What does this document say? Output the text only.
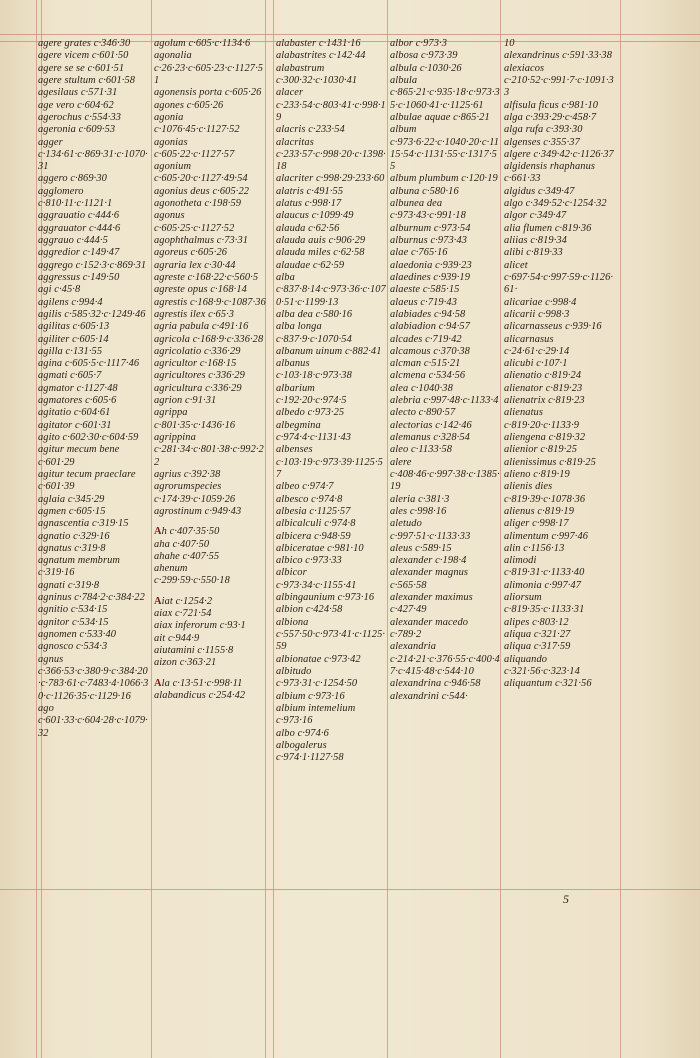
agere grates c·346·30
agere vicem c·601·50
agere se se c·601·51
agere stultum c·601·58
agesilaus c·571·31
age vero c·604·62
agerochus c·554·33
ageronia c·609·53
agger c·134·61·c·869·31·c·1070·31
aggero c·869·30
agglomero c·810·11·c·1121·1
aggrauatio c·444·6
aggrauator c·444·6
aggrauo c·444·5
aggredior c·149·47
aggrego c·152·3·c·869·31
aggressus c·149·50
agi c·45·8
agilens c·994·4
agilis c·585·32·c·1249·46
agilitas c·605·13
agiliter c·605·14
agilla c·131·55
agina c·605·5·c·1117·46
agmati c·605·7
agmator c·1127·48
agmatores c·605·6
agitatio c·604·61
agitator c·601·31
agito c·602·30·c·604·59
agitur mecum bene c·601·29
agitur tecum praeclare c·601·39
aglaia c·345·29
agmen c·605·15
agnascentia c·319·15
agnatio c·329·16
agnatus c·319·8
agnatum membrum c·319·16
agnati c·319·8
agninus c·784·2·c·384·22
agnitio c·534·15
agnitor c·534·15
agnomen c·533·40
agnosco c·534·3
agnus c·366·53·c·380·9·c·384·20·c·783·61·c·7483·4·1066·30·c·1126·35·c·1129·16
ago c·601·33·c·604·28·c·1079·32
agolum c·605·c·1134·6
agonalia c·26·23·c·605·23·c·1127·51
agonensis porta c·605·26
agones c·605·26
agonia c·1076·45·c·1127·52
agonias c·605·22·c·1127·57
agonium c·605·20·c·1127·49·54
agonius deus c·605·22
agonotheta c·198·59
agonus c·605·25·c·1127·52
agophthalmus c·73·31
agoreus c·605·26
agraria lex c·30·44
agreste c·168·22·c·560·5
agreste opus c·168·14
agrestis c·168·9·c·1087·36
agrestis ilex c·65·3
agria pabula c·491·16
agricola c·168·9·c·336·28
agricolatio c·336·29
agricultor c·168·15
agricultores c·336·29
agricultura c·336·29
agrion c·91·31
agrippa c·801·35·c·1436·16
agrippina c·281·34·c·801·38·c·992·22
agrius c·392·38
agrorumspecies c·174·39·c·1059·26
agrostinum c·949·43
Ah c·407·35·50
aha c·407·50
ahahe c·407·55
ahenum c·299·59·c·550·18
Aiat c·1254·2
aiax c·721·54
aiax inferorum c·93·1
ait c·944·9
aiutamini c·1155·8
aizon c·363·21
Ala c·13·51·c·998·11
alabandicus c·254·42
alabaster c·1431·16
alabastrites c·142·44
alabastrum c·300·32·c·1030·41
alacer c·233·54·c·803·41·c·998·19
alacris c·233·54
alacritas c·233·57·c·998·20·c·1398·18
alacriter c·998·29·233·60
alatris c·491·55
alatus c·998·17
alaucus c·1099·49
alauda c·62·56
alauda auis c·906·29
alauda miles c·62·58
alaudae c·62·59
alba c·837·8·14·c·973·36·c·1070·51·c·1199·13
alba dea c·580·16
alba longa c·837·9·c·1070·54
albanum uinum c·882·41
albanus c·103·18·c·973·38
albarium c·192·20·c·974·5
albedo c·973·25
albegmina c·974·4·c·1131·43
albenses c·103·19·c·973·39·1125·57
albeo c·974·7
albesco c·974·8
albesia c·1125·57
albicalculi c·974·8
albicera c·948·59
albiceratae c·981·10
albico c·973·33
albicor c·973·34·c·1155·41
albingaunium c·973·16
albion c·424·58
albiona c·557·50·c·973·41·c·1125·59
albionatae c·973·42
albitudo c·973·31·c·1254·50
albium c·973·16
albium intemelium c·973·16
albo c·974·6
albogalerus c·974·1·1127·58
albor c·973·3
albosa c·973·39
albula c·1030·26
albula c·865·21·c·935·18·c·973·35·c·1060·41·c·1125·61
albulae aquae c·865·21
album c·973·6·22·c·1040·20·c·1115·54·c·1131·55·c·1317·55
album plumbum c·120·19
albuna c·580·16
albunea dea c·973·43·c·991·18
alburnum c·973·54
alburnus c·973·43
alae c·765·16
alaedonia c·939·23
alaedines c·939·19
alaeste c·585·15
alaeus c·719·43
alabiades c·94·58
alabiadion c·94·57
alcades c·719·42
alcamous c·370·38
alcman c·515·21
alcmena c·534·56
alea c·1040·38
alebria c·997·48·c·1133·4
alecto c·890·57
alectorias c·142·46
alemanus c·328·54
aleo c·1133·58
alere c·408·46·c·997·38·c·1385·19
aleria c·381·3
ales c·998·16
aletudo c·997·51·c·1133·33
aleus c·589·15
alexander c·198·4
alexander magnus c·565·58
alexander maximus c·427·49
alexander macedo c·789·2
alexandria c·214·21·c·376·55·c·400·47·c·415·48·c·544·10
alexandrina c·946·58
alexandrini c·544·
10
alexandrinus c·591·33·38
alexiacos c·210·52·c·991·7·c·1091·33
alfisula ficus c·981·10
alga c·393·29·c·458·7
alga rufa c·393·30
algenses c·355·37
algere c·349·42·c·1126·37
algidensis rhaphanus c·661·33
algidus c·349·47
algo c·349·52·c·1254·32
algor c·349·47
alia flumen c·819·36
aliias c·819·34
alibi c·819·33
alicet c·697·54·c·997·59·c·1126·61·
alicariae c·998·4
alicarii c·998·3
alicarnasseus c·939·16
alicarnasus c·24·61·c·29·14
alicubi c·107·1
alienatio c·819·24
alienator c·819·23
alienatrix c·819·23
alienatus c·819·20·c·1133·9
aliengena c·819·32
alienior c·819·25
alienissimus c·819·25
alieno c·819·19
alienis dies c·819·39·c·1078·36
alienus c·819·19
aliger c·998·17
alimentum c·997·46
alin c·1156·13
alimodi c·819·31·c·1133·40
alimonia c·997·47
aliorsum c·819·35·c·1133·31
alipes c·803·12
aliqua c·321·27
aliqua c·317·59
aliquando c·321·56·c·323·14
aliquantum c·321·56
5
